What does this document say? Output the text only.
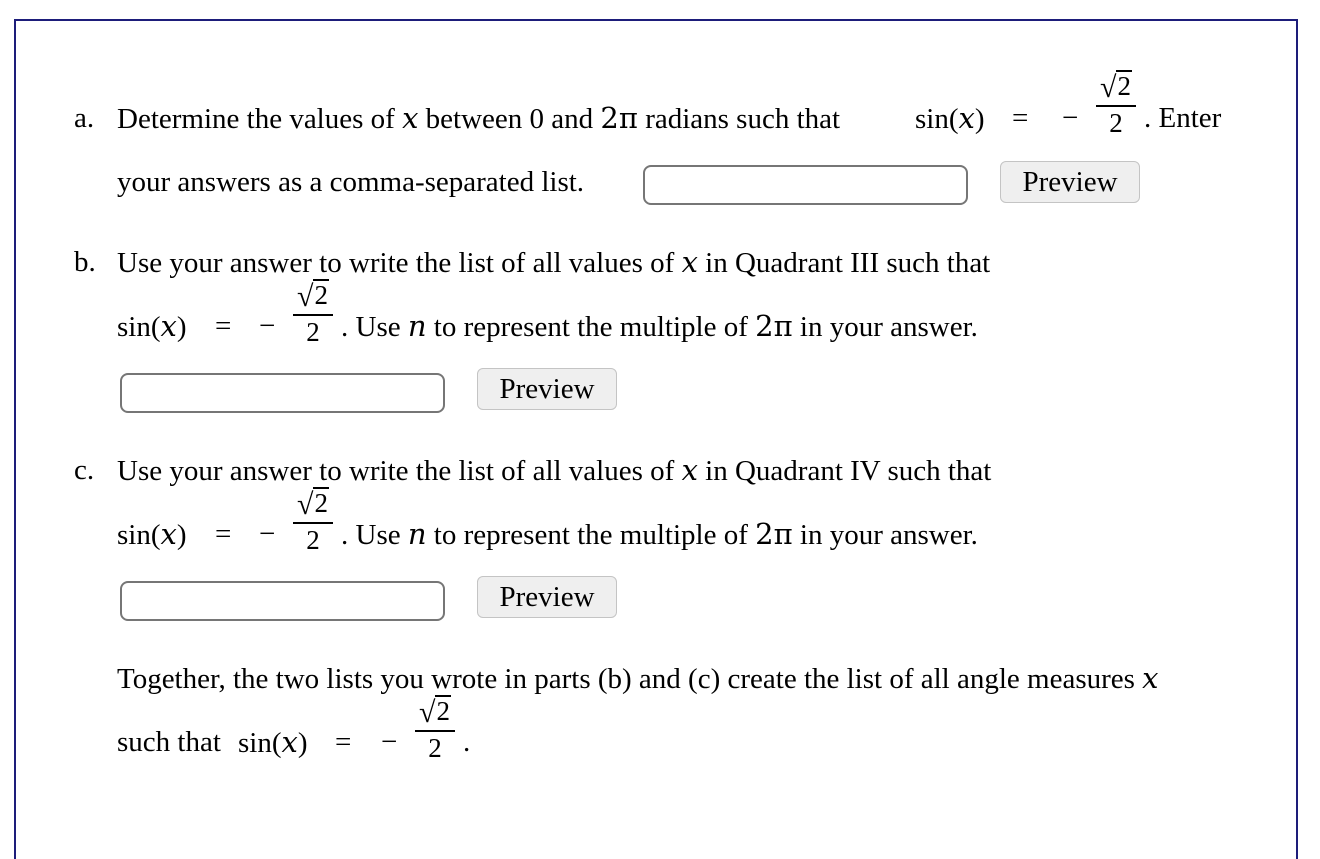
a. Determine the values of x between 0 and 2π radians such that	sin(x) = − $\frac{√2}{2}$ . Enter
your answers as a comma-separated list.	Preview
b. Use your answer to write the list of all values of x in Quadrant III such that
sin(x) = − $\frac{√2}{2}$ . Use n to represent the multiple of 2π in your answer.
Preview
c. Use your answer to write the list of all values of x in Quadrant IV such that
sin(x) = − $\frac{√2}{2}$ . Use n to represent the multiple of 2π in your answer.
Preview
Together, the two lists you wrote in parts (b) and (c) create the list of all angle measures x
such that sin(x) = − $\frac{√2}{2}$ .
